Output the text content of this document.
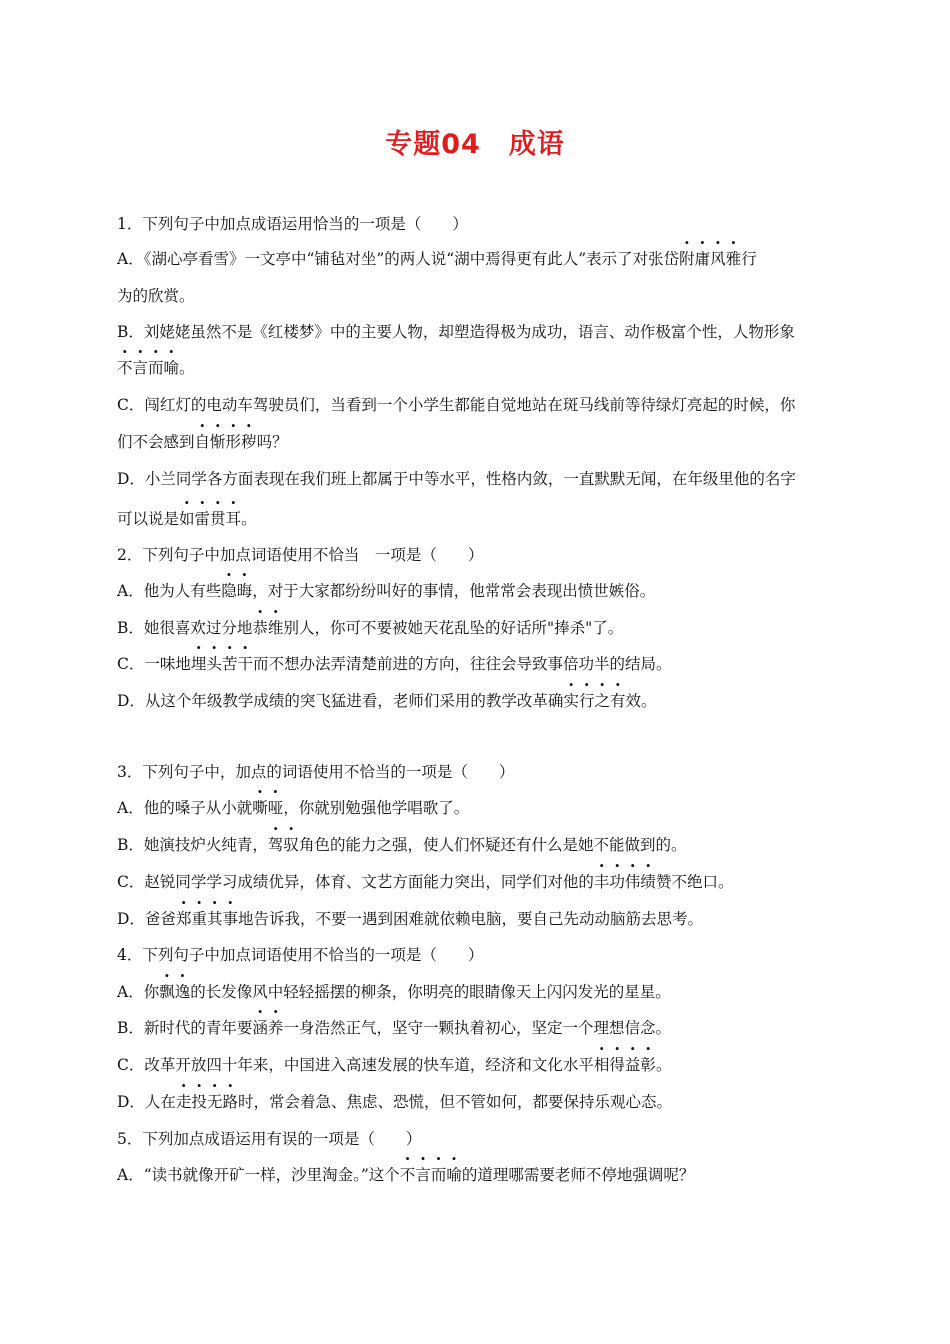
专题04　成语
1．下列句子中加点成语运用恰当的一项是（　　）
A．《湖心亭看雪》一文亭中“铺毡对坐”的两人说“湖中焉得更有此人”表示了对张岱附庸风雅行
为的欣赏。
B．刘姥姥虽然不是《红楼梦》中的主要人物，却塑造得极为成功，语言、动作极富个性，人物形象
不言而喻。
C．闯红灯的电动车驾驶员们，当看到一个小学生都能自觉地站在斑马线前等待绿灯亮起的时候，你
们不会感到自惭形秽吗？
D．小兰同学各方面表现在我们班上都属于中等水平，性格内敛，一直默默无闻，在年级里他的名字
可以说是如雷贯耳。
2．下列句子中加点词语使用不恰当　一项是（　　）
A．他为人有些隐晦，对于大家都纷纷叫好的事情，他常常会表现出愤世嫉俗。
B．她很喜欢过分地恭维别人，你可不要被她天花乱坠的好话所"捧杀"了。
C．一味地埋头苦干而不想办法弄清楚前进的方向，往往会导致事倍功半的结局。
D．从这个年级教学成绩的突飞猛进看，老师们采用的教学改革确实行之有效。
3．下列句子中，加点的词语使用不恰当的一项是（　　）
A．他的嗓子从小就嘶哑，你就别勉强他学唱歌了。
B．她演技炉火纯青，驾驭角色的能力之强，使人们怀疑还有什么是她不能做到的。
C．赵锐同学学习成绩优异，体育、文艺方面能力突出，同学们对他的丰功伟绩赞不绝口。
D．爸爸郑重其事地告诉我，不要一遇到困难就依赖电脑，要自己先动动脑筋去思考。
4．下列句子中加点词语使用不恰当的一项是（　　）
A．你飘逸的长发像风中轻轻摇摆的柳条，你明亮的眼睛像天上闪闪发光的星星。
B．新时代的青年要涵养一身浩然正气，坚守一颗执着初心，坚定一个理想信念。
C．改革开放四十年来，中国进入高速发展的快车道，经济和文化水平相得益彰。
D．人在走投无路时，常会着急、焦虑、恐慌，但不管如何，都要保持乐观心态。
5．下列加点成语运用有误的一项是（　　）
A．“读书就像开矿一样，沙里淘金。”这个不言而喻的道理哪需要老师不停地强调呢？
